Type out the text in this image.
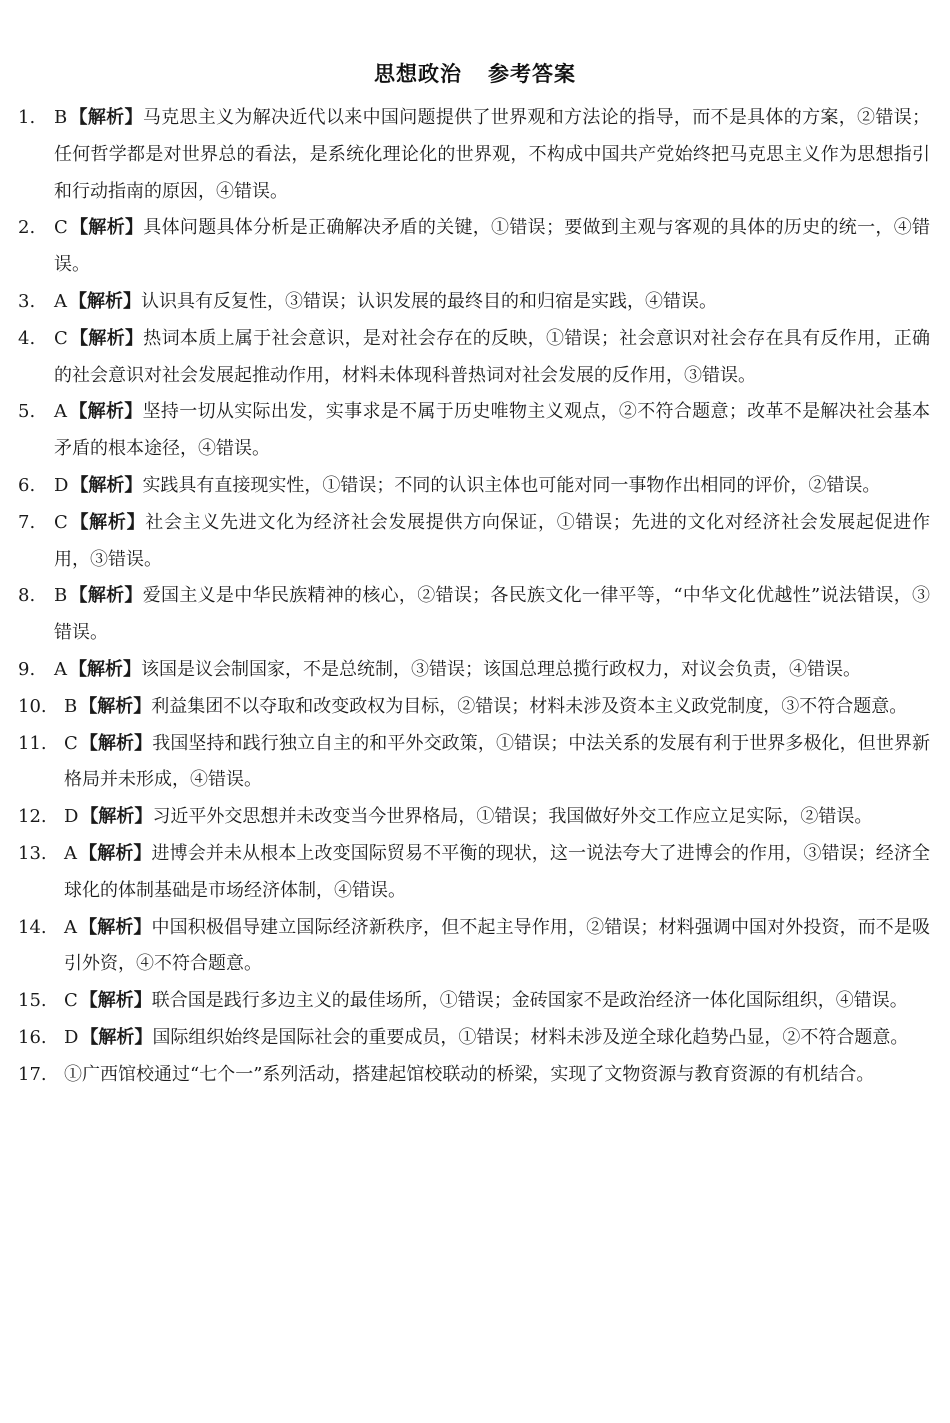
思想政治 参考答案
1. B 【解析】马克思主义为解决近代以来中国问题提供了世界观和方法论的指导，而不是具体的方案，②错误；任何哲学都是对世界总的看法，是系统化理论化的世界观，不构成中国共产党始终把马克思主义作为思想指引和行动指南的原因，④错误。
2. C 【解析】具体问题具体分析是正确解决矛盾的关键，①错误；要做到主观与客观的具体的历史的统一，④错误。
3. A 【解析】认识具有反复性，③错误；认识发展的最终目的和归宿是实践，④错误。
4. C 【解析】热词本质上属于社会意识，是对社会存在的反映，①错误；社会意识对社会存在具有反作用，正确的社会意识对社会发展起推动作用，材料未体现科普热词对社会发展的反作用，③错误。
5. A 【解析】坚持一切从实际出发，实事求是不属于历史唯物主义观点，②不符合题意；改革不是解决社会基本矛盾的根本途径，④错误。
6. D 【解析】实践具有直接现实性，①错误；不同的认识主体也可能对同一事物作出相同的评价，②错误。
7. C 【解析】社会主义先进文化为经济社会发展提供方向保证，①错误；先进的文化对经济社会发展起促进作用，③错误。
8. B 【解析】爱国主义是中华民族精神的核心，②错误；各民族文化一律平等，“中华文化优越性”说法错误，③错误。
9. A 【解析】该国是议会制国家，不是总统制，③错误；该国总理总揽行政权力，对议会负责，④错误。
10. B 【解析】利益集团不以夺取和改变政权为目标，②错误；材料未涉及资本主义政党制度，③不符合题意。
11. C 【解析】我国坚持和践行独立自主的和平外交政策，①错误；中法关系的发展有利于世界多极化，但世界新格局并未形成，④错误。
12. D 【解析】习近平外交思想并未改变当今世界格局，①错误；我国做好外交工作应立足实际，②错误。
13. A 【解析】进博会并未从根本上改变国际贸易不平衡的现状，这一说法夸大了进博会的作用，③错误；经济全球化的体制基础是市场经济体制，④错误。
14. A 【解析】中国积极倡导建立国际经济新秩序，但不起主导作用，②错误；材料强调中国对外投资，而不是吸引外资，④不符合题意。
15. C 【解析】联合国是践行多边主义的最佳场所，①错误；金砖国家不是政治经济一体化国际组织，④错误。
16. D 【解析】国际组织始终是国际社会的重要成员，①错误；材料未涉及逆全球化趋势凸显，②不符合题意。
17. ①广西馆校通过“七个一”系列活动，搭建起馆校联动的桥梁，实现了文物资源与教育资源的有机结合。
